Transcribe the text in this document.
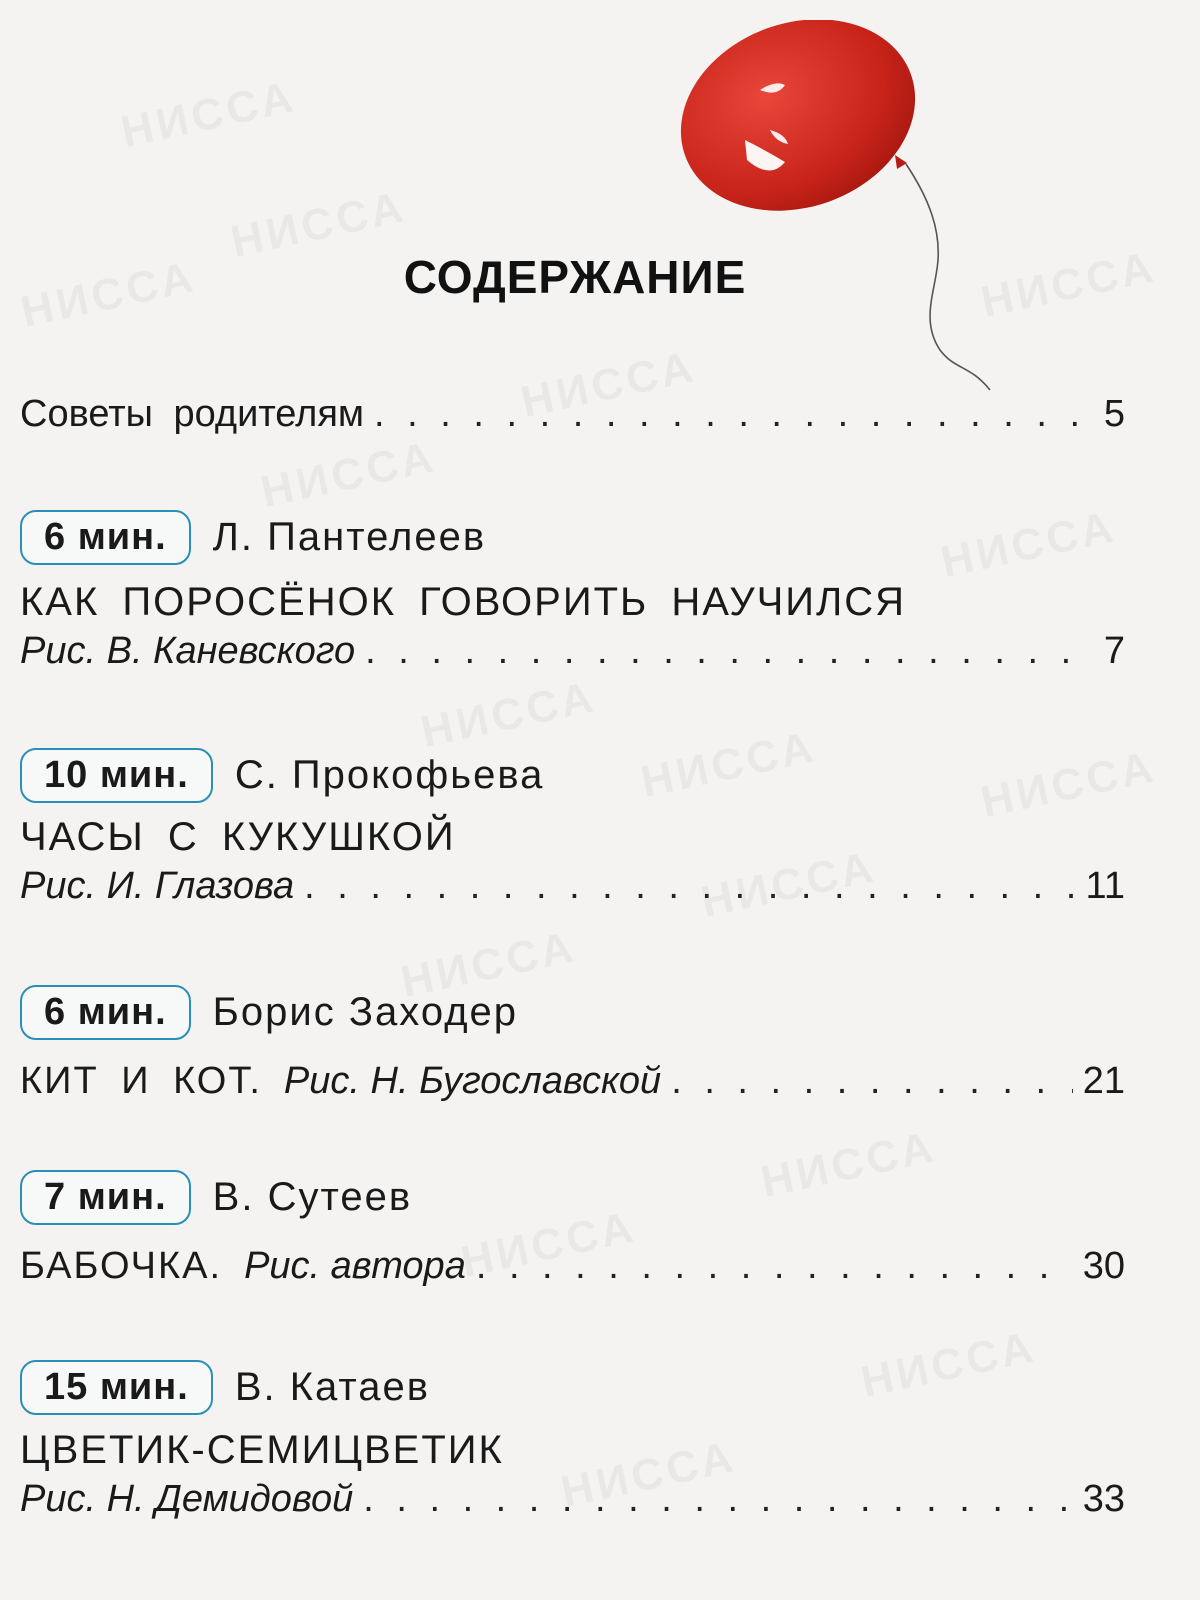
СОДЕРЖАНИЕ
Советы родителям . . .	5
6 мин.	Л. Пантелеев
КАК ПОРОСЁНОК ГОВОРИТЬ НАУЧИЛСЯ
Рис. В. Каневского . . .	7
10 мин.	С. Прокофьева
ЧАСЫ С КУКУШКОЙ
Рис. И. Глазова . . .	11
6 мин.	Борис Заходер
КИТ И КОТ. Рис. Н. Бугославской . . .	21
7 мин.	В. Сутеев
БАБОЧКА. Рис. автора . . .	30
15 мин.	В. Катаев
ЦВЕТИК-СЕМИЦВЕТИК
Рис. Н. Демидовой . . .	33
